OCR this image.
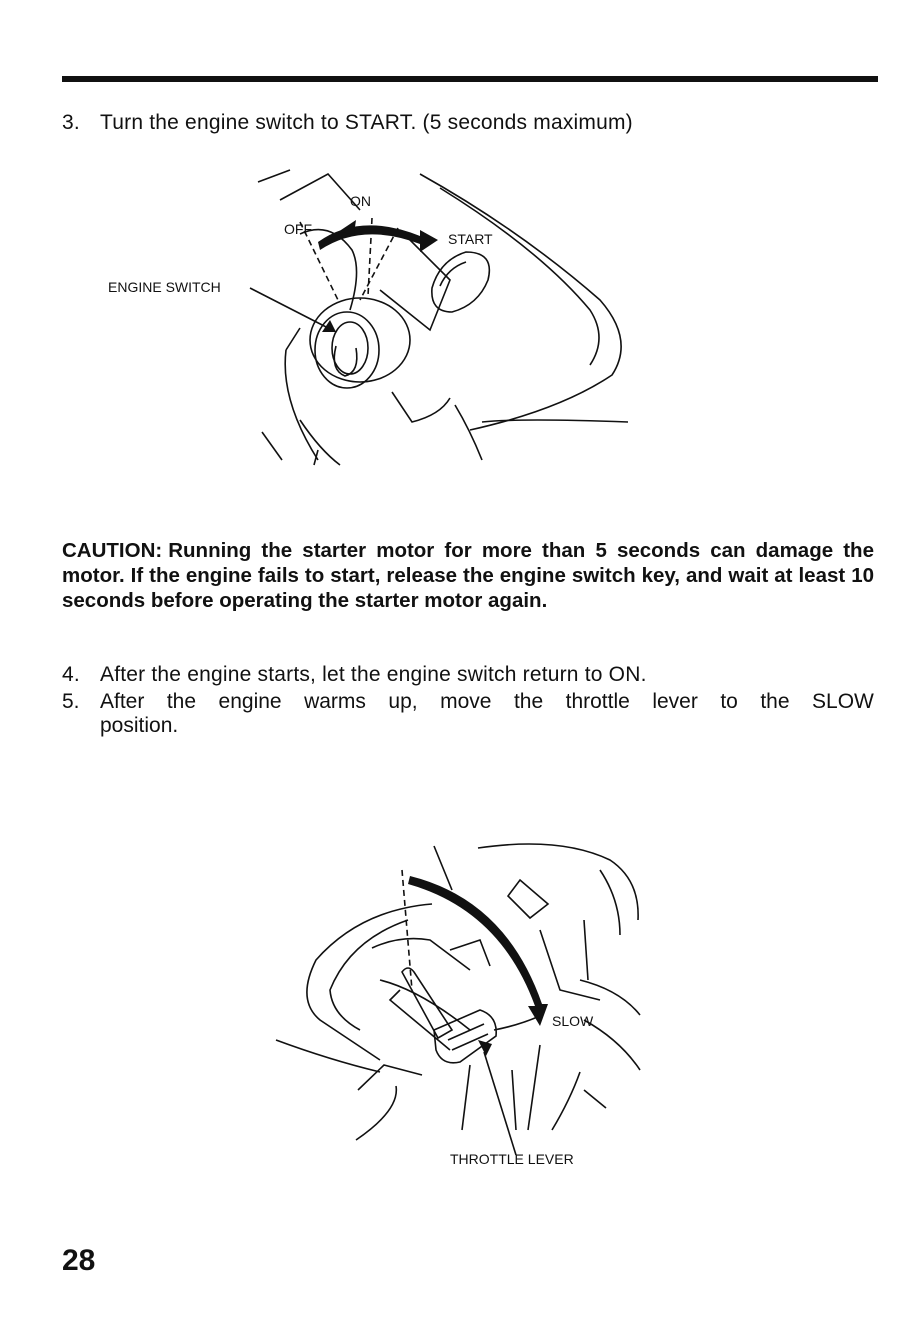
3. Turn the engine switch to START. (5 seconds maximum)
ENGINE SWITCH
OFF
ON
START
CAUTION: Running the starter motor for more than 5 seconds can damage the motor. If the engine fails to start, release the engine switch key, and wait at least 10 seconds before operating the starter motor again.
4. After the engine starts, let the engine switch return to ON.
5. After the engine warms up, move the throttle lever to the SLOW
position.
SLOW
THROTTLE LEVER
28
